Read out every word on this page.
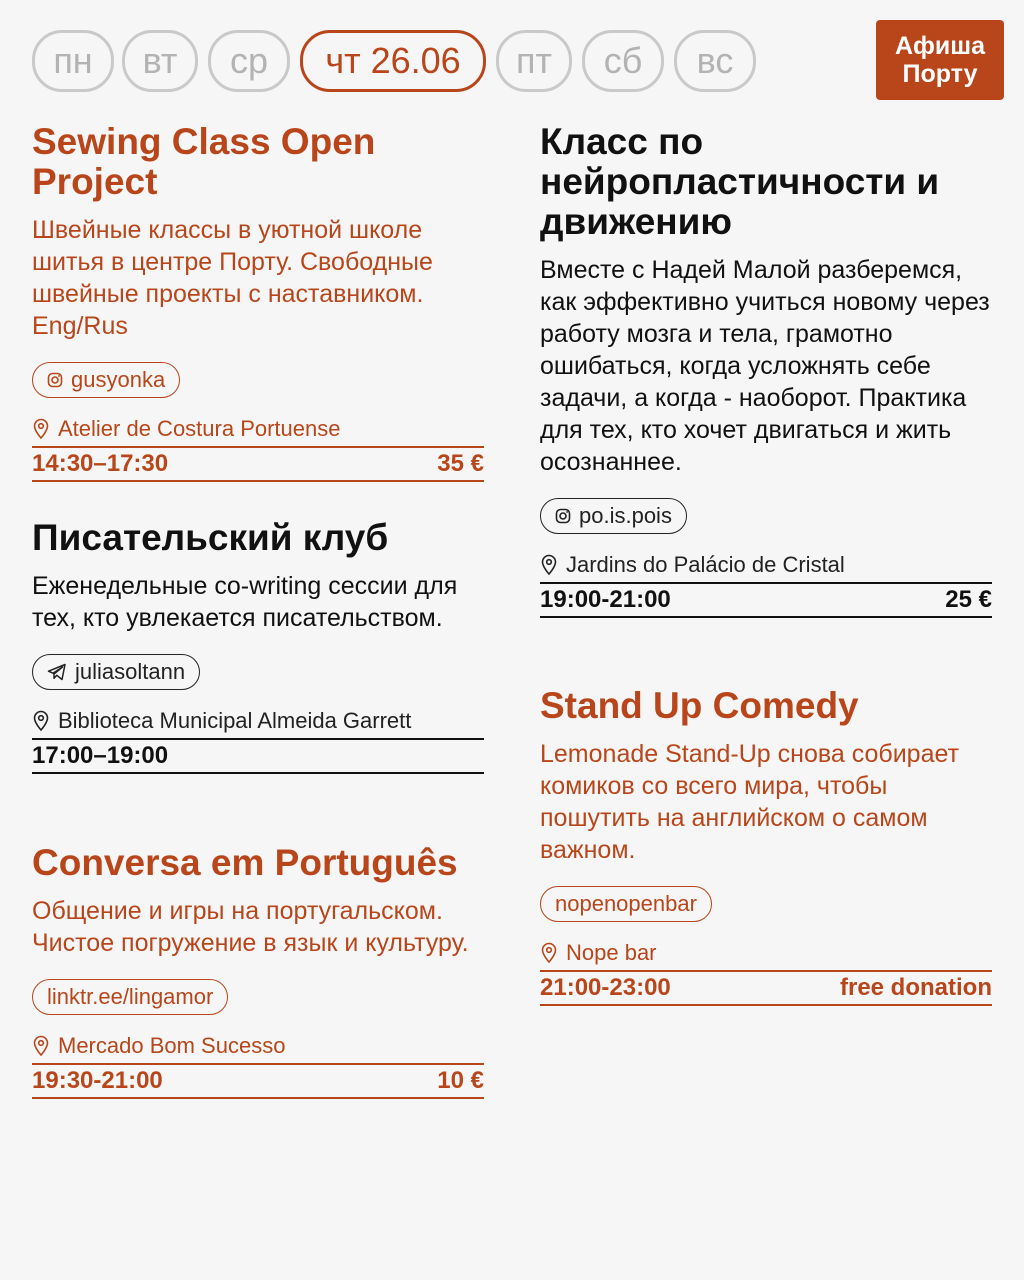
пн	вт	ср	чт 26.06	пт	сб	вс	Афиша
Порту
Sewing Class Open Project

Швейные классы в уютной школе шитья в центре Порту. Свободные швейные проекты с наставником. Eng/Rus

gusyonka
Atelier de Costura Portuense
14:30–17:30	35 €
Писательский клуб

Еженедельные co-writing сессии для тех, кто увлекается писательством.

juliasoltann
Biblioteca Municipal Almeida Garrett
17:00–19:00
Conversa em Português

Общение и игры на португальском. Чистое погружение в язык и культуру.

linktr.ee/lingamor
Mercado Bom Sucesso
19:30-21:00	10 €
Класс по нейропластичности и движению

Вместе с Надей Малой разберемся, как эффективно учиться новому через работу мозга и тела, грамотно ошибаться, когда усложнять себе задачи, а когда - наоборот. Практика для тех, кто хочет двигаться и жить осознаннее.

po.is.pois
Jardins do Palácio de Cristal
19:00-21:00	25 €
Stand Up Comedy

Lemonade Stand-Up снова собирает комиков со всего мира, чтобы пошутить на английском о самом важном.

nopenopenbar
Nope bar
21:00-23:00	free donation
